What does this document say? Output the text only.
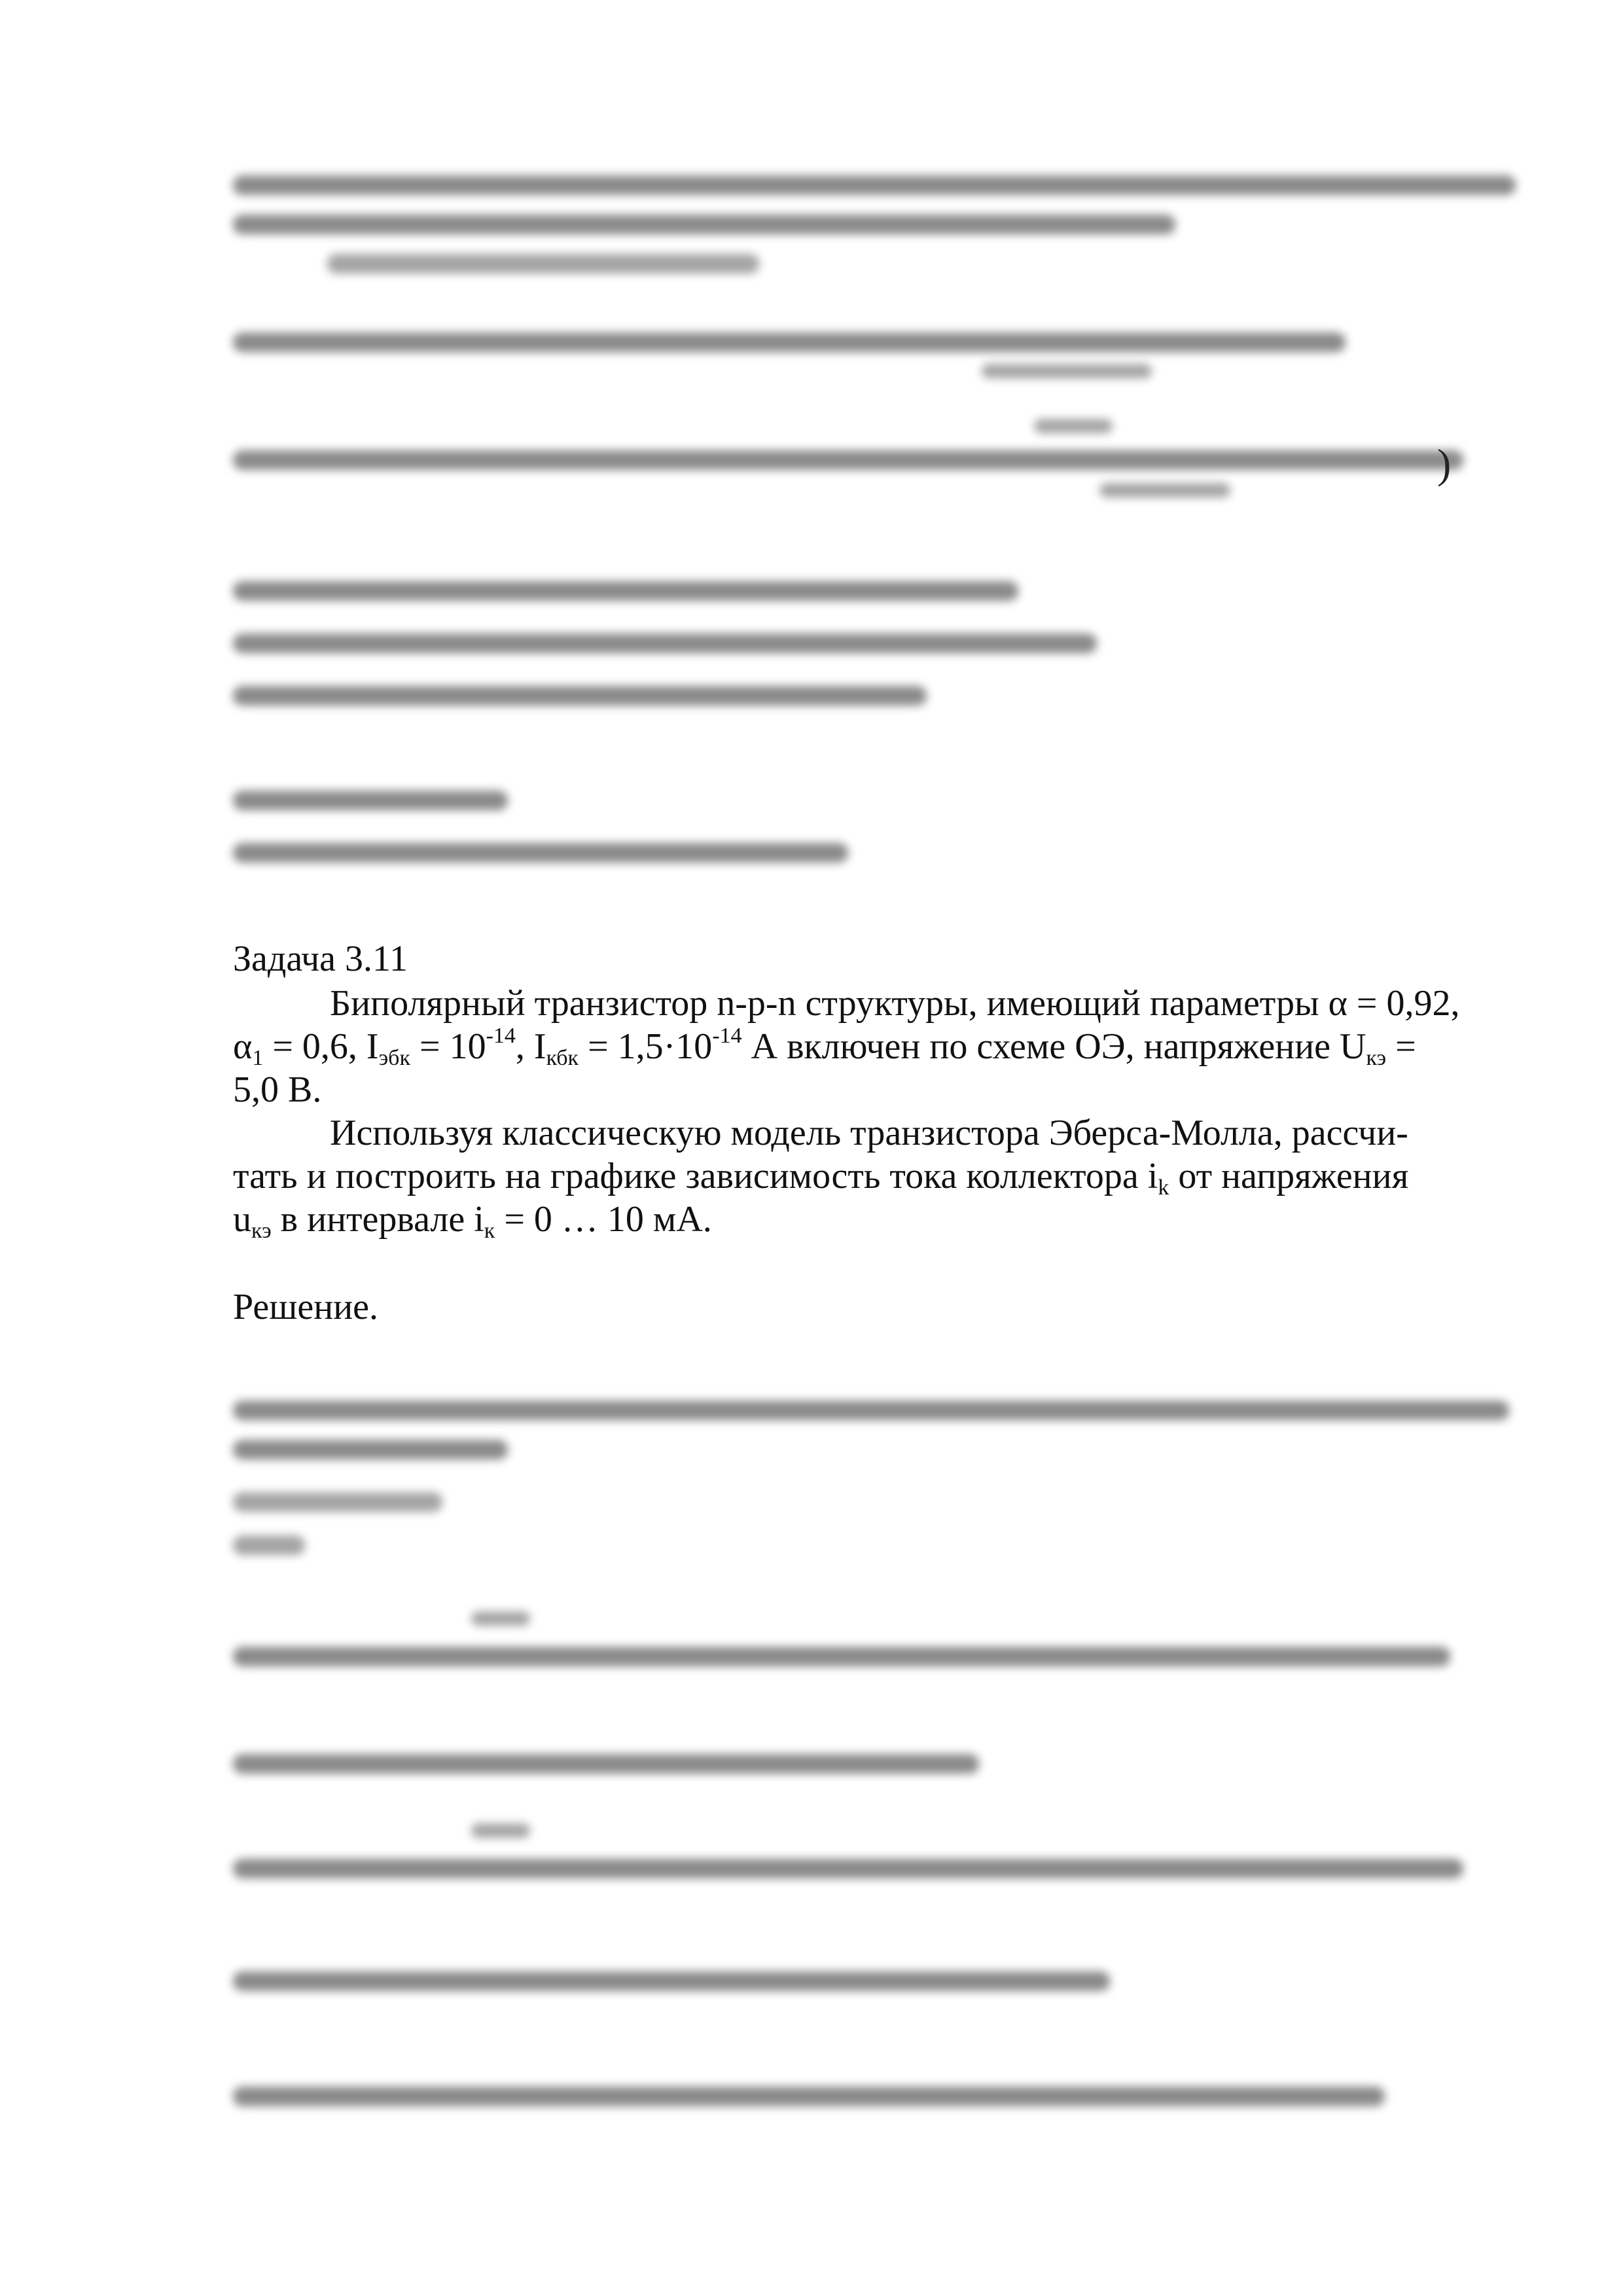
)
Задача 3.11
Биполярный транзистор n-p-n структуры, имеющий параметры α = 0,92,
$\alpha_1 = 0,6$, $I_{эбк} = 10^{-14}$, $I_{кбк} = 1,5\cdot 10^{-14}$ А включен по схеме ОЭ, напряжение $U_{кэ}$ =
5,0 В.
Используя классическую модель транзистора Эберса-Молла, рассчи-
тать и построить на графике зависимость тока коллектора $i_k$ от напряжения
$u_{кэ}$ в интервале $i_к = 0$ … 10 мА.
Решение.
